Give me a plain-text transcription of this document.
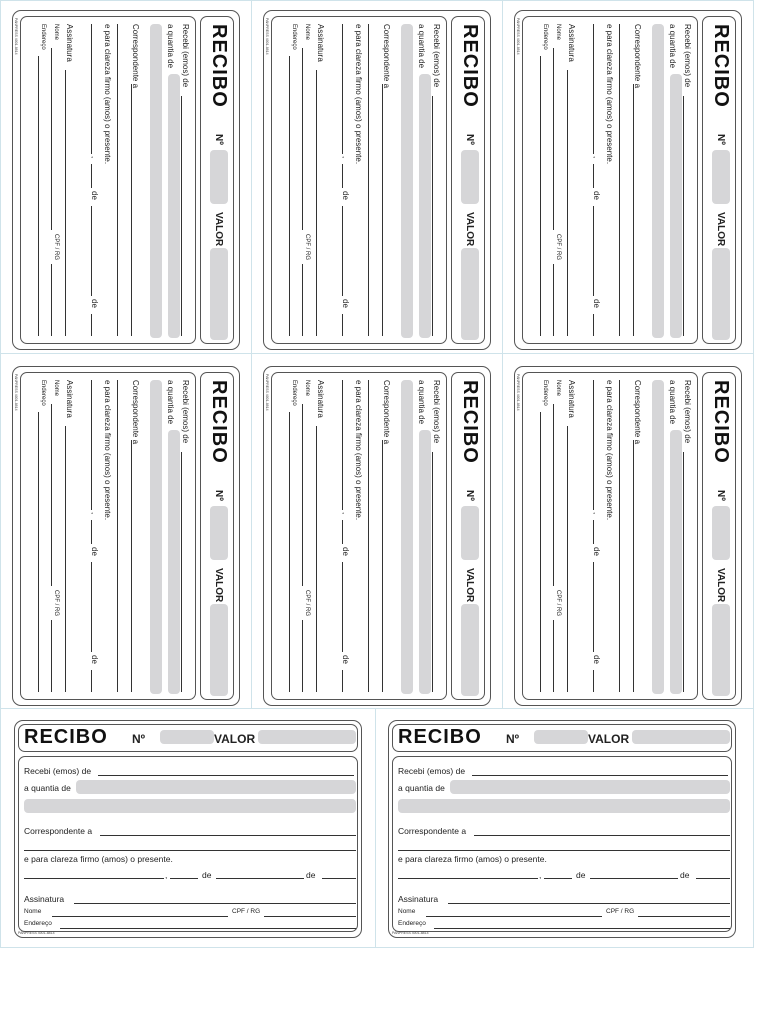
RECIBO
Nº
VALOR
Recebi (emos) de
a quantia de
Correspondente a
e para clareza firmo (amos) o presente.
,
de
de
Assinatura
Nome
CPF / RG
Endereço
PANPRESS 4001-8814	RECIBO
Nº
VALOR
Recebi (emos) de
a quantia de
Correspondente a
e para clareza firmo (amos) o presente.
,
de
de
Assinatura
Nome
CPF / RG
Endereço
PANPRESS 4001-8814	RECIBO
Nº
VALOR
Recebi (emos) de
a quantia de
Correspondente a
e para clareza firmo (amos) o presente.
,
de
de
Assinatura
Nome
CPF / RG
Endereço
PANPRESS 4001-8814
RECIBO
Nº
VALOR
Recebi (emos) de
a quantia de
Correspondente a
e para clareza firmo (amos) o presente.
,
de
de
Assinatura
Nome
CPF / RG
Endereço
PANPRESS 4001-8814	RECIBO
Nº
VALOR
Recebi (emos) de
a quantia de
Correspondente a
e para clareza firmo (amos) o presente.
,
de
de
Assinatura
Nome
CPF / RG
Endereço
PANPRESS 4001-8814	RECIBO
Nº
VALOR
Recebi (emos) de
a quantia de
Correspondente a
e para clareza firmo (amos) o presente.
,
de
de
Assinatura
Nome
CPF / RG
Endereço
PANPRESS 4001-8814
RECIBO Nº	VALOR
Recebi (emos) de
a quantia de
Correspondente a
e para clareza firmo (amos) o presente.
,	de	de
Assinatura
Nome	CPF / RG
Endereço
PANPRESS 4001-8814
RECIBO Nº	VALOR
Recebi (emos) de
a quantia de
Correspondente a
e para clareza firmo (amos) o presente.
,	de	de
Assinatura
Nome	CPF / RG
Endereço
PANPRESS 4001-8814
